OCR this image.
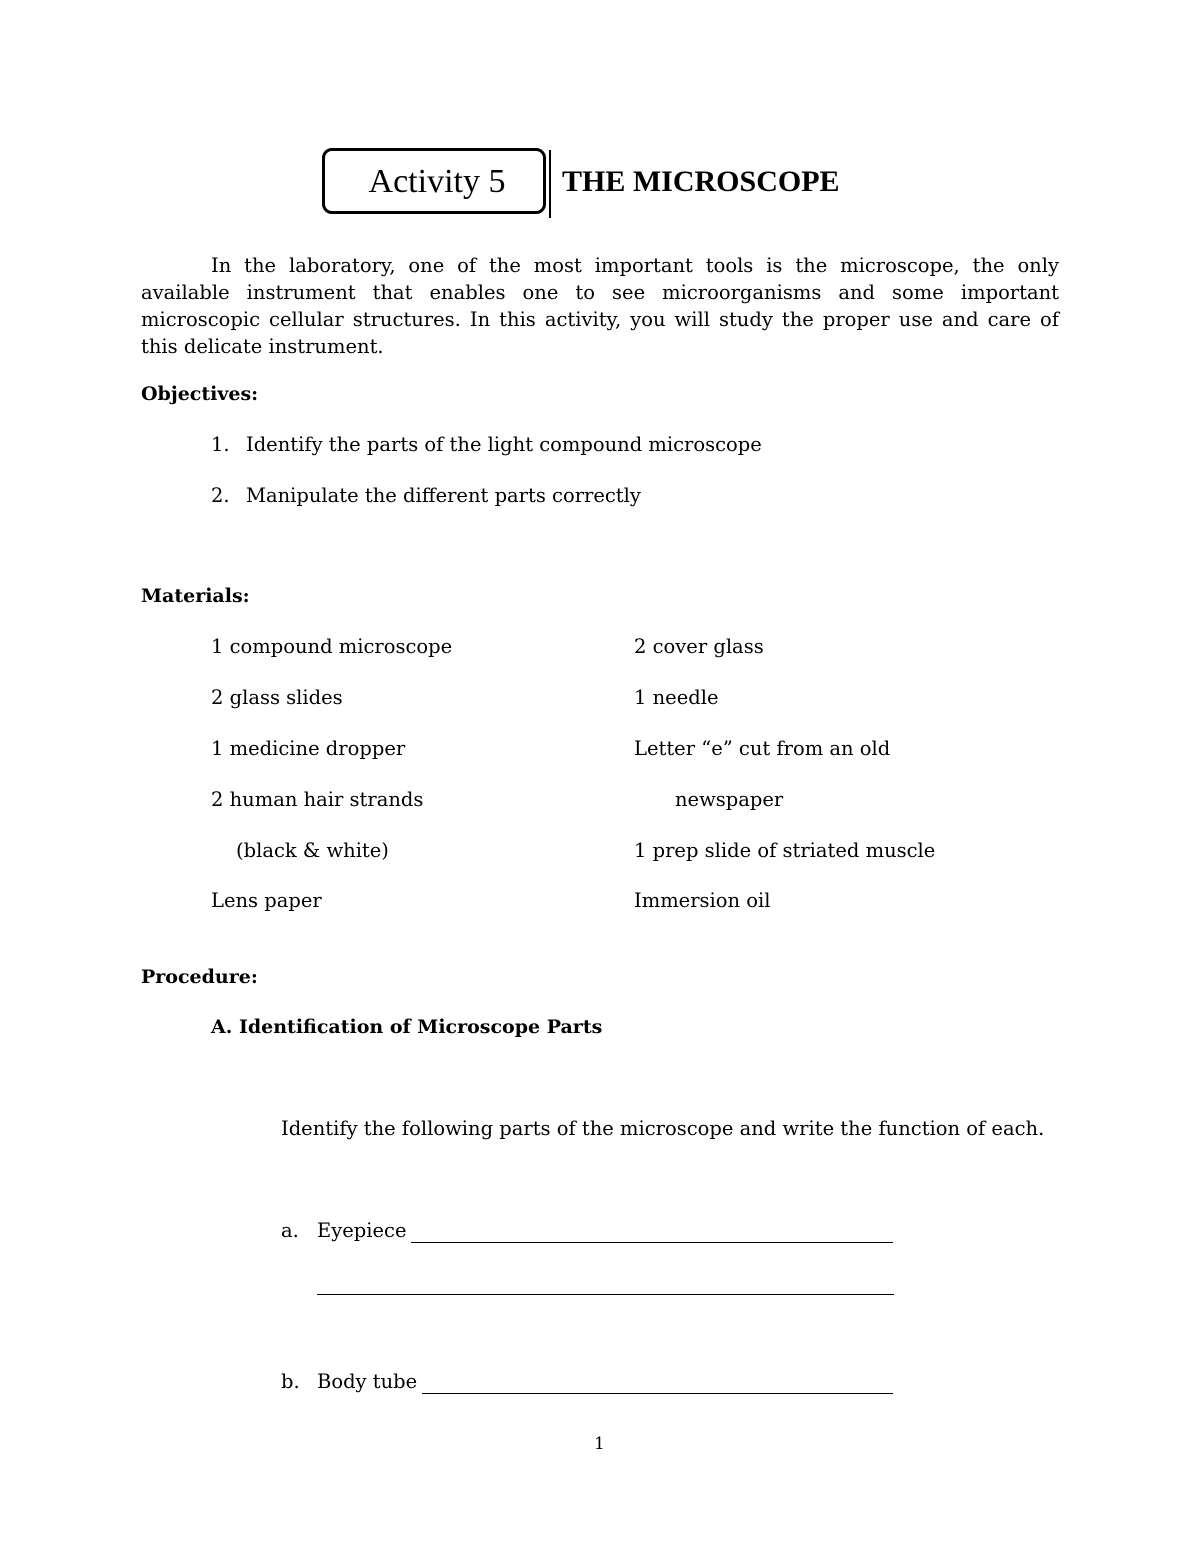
Activity 5	THE MICROSCOPE

In the laboratory, one of the most important tools is the microscope, the only available instrument that enables one to see microorganisms and some important microscopic cellular structures. In this activity, you will study the proper use and care of this delicate instrument.

Objectives:
1. Identify the parts of the light compound microscope
2. Manipulate the different parts correctly
Materials:
1 compound microscope
2 glass slides
1 medicine dropper
2 human hair strands
(black & white)
Lens paper
2 cover glass
1 needle
Letter “e” cut from an old
newspaper
1 prep slide of striated muscle
Immersion oil
Procedure:
A. Identification of Microscope Parts
Identify the following parts of the microscope and write the function of each.
a. Eyepiece
b. Body tube
1
